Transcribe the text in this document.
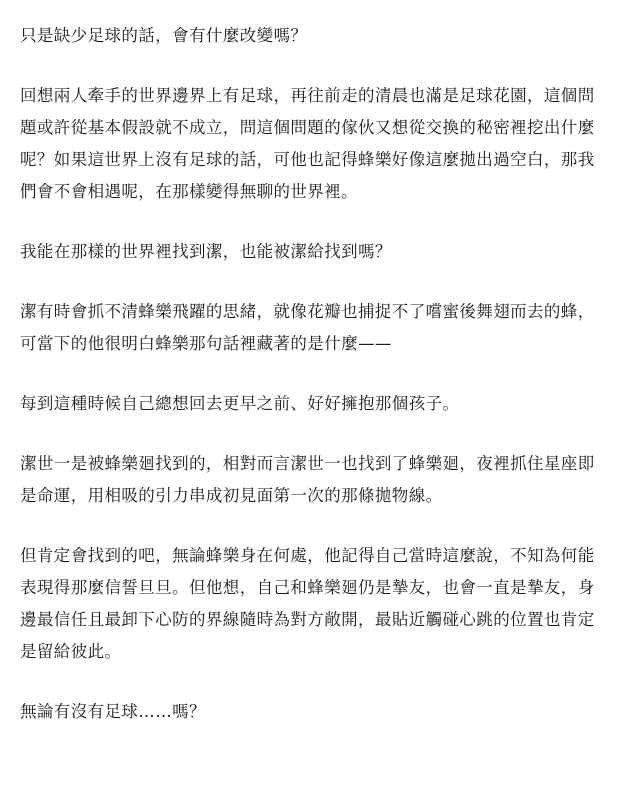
只是缺少足球的話，會有什麼改變嗎？

回想兩人牽手的世界邊界上有足球，再往前走的清晨也滿是足球花園，這個問題或許從基本假設就不成立，問這個問題的傢伙又想從交換的秘密裡挖出什麼呢？如果這世界上沒有足球的話，可他也記得蜂樂好像這麼拋出過空白，那我們會不會相遇呢，在那樣變得無聊的世界裡。

我能在那樣的世界裡找到潔，也能被潔給找到嗎？

潔有時會抓不清蜂樂飛躍的思緒，就像花瓣也捕捉不了嚐蜜後舞翅而去的蜂，可當下的他很明白蜂樂那句話裡藏著的是什麼——

每到這種時候自己總想回去更早之前、好好擁抱那個孩子。

潔世一是被蜂樂廻找到的，相對而言潔世一也找到了蜂樂廻，夜裡抓住星座即是命運，用相吸的引力串成初見面第一次的那條拋物線。

但肯定會找到的吧，無論蜂樂身在何處，他記得自己當時這麼說，不知為何能表現得那麼信誓旦旦。但他想，自己和蜂樂廻仍是摯友，也會一直是摯友，身邊最信任且最卸下心防的界線隨時為對方敞開，最貼近觸碰心跳的位置也肯定是留給彼此。

無論有沒有足球……嗎？
